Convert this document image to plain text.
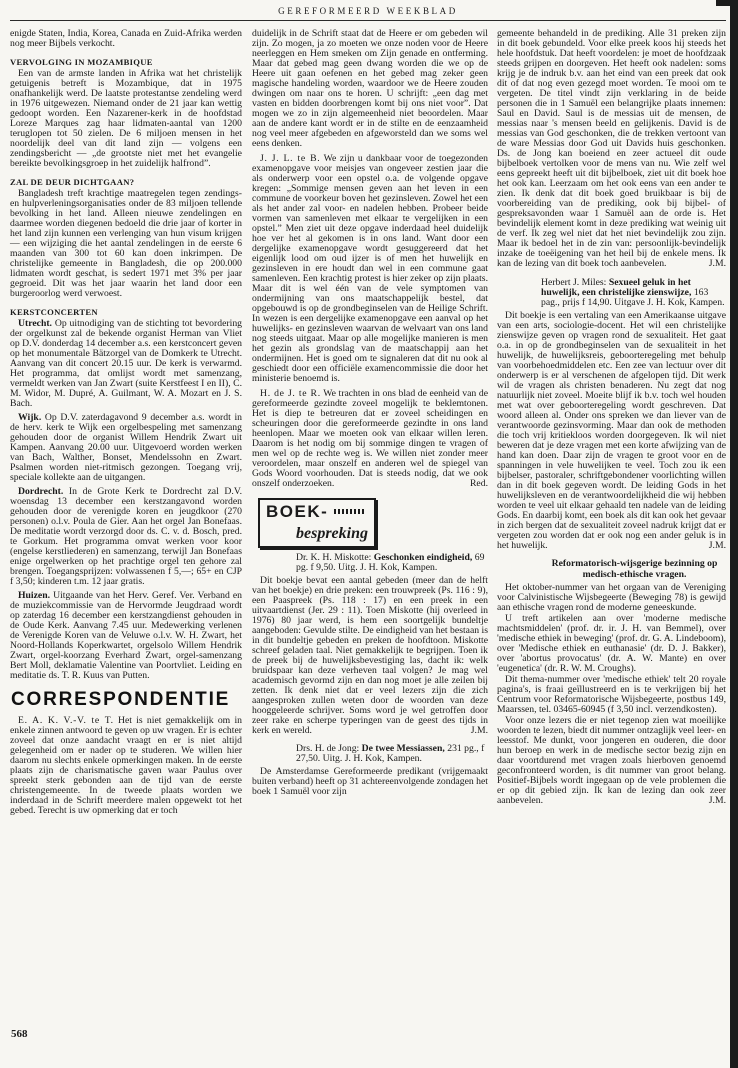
GEREFORMEERD WEEKBLAD

enigde Staten, India, Korea, Canada en Zuid-Afrika werden nog meer Bijbels verkocht.

VERVOLGING IN MOZAMBIQUE

Een van de armste landen in Afrika wat het christelijk getuigenis betreft is Mozambique, dat in 1975 onafhankelijk werd. De laatste protestantse zendeling werd in 1976 uitgewezen. Niemand onder de 21 jaar kan wettig gedoopt worden. Een Nazarener-kerk in de hoofdstad Loreze Marques zag haar lidmaten-aantal van 1200 teruglopen tot 50 zielen. De 6 miljoen mensen in het noordelijk deel van dit land zijn — volgens een zendingsbericht — „de grootste niet met het evangelie bereikte bevolkingsgroep in het zuidelijk halfrond”.

ZAL DE DEUR DICHTGAAN?

Bangladesh treft krachtige maatregelen tegen zendings- en hulpverleningsorganisaties onder de 83 miljoen tellende bevolking in het land. Alleen nieuwe zendelingen en daarmee worden diegenen bedoeld die drie jaar of korter in het land zijn kunnen een verlenging van hun visum krijgen — een wijziging die het aantal zendelingen in de eerste 6 maanden van 300 tot 60 kan doen inkrimpen. De christelijke gemeente in Bangladesh, die op 200.000 lidmaten wordt geschat, is sedert 1971 met 3% per jaar gegroeid. Dit was het jaar waarin het land door een burgeroorlog werd verwoest.

KERSTCONCERTEN

Utrecht. Op uitnodiging van de stichting tot bevordering der orgelkunst zal de bekende organist Herman van Vliet op D.V. donderdag 14 december a.s. een kerstconcert geven op het monumentale Bätzorgel van de Domkerk te Utrecht. Aanvang van dit concert 20.15 uur. De kerk is verwarmd. Het programma, dat omlijst wordt met samenzang, vermeldt werken van Jan Zwart (suite Kerstfeest I en II), C. M. Widor, M. Dupré, A. Guilmant, W. A. Mozart en J. S. Bach.

Wijk. Op D.V. zaterdagavond 9 december a.s. wordt in de herv. kerk te Wijk een orgelbespeling met samenzang gehouden door de organist Willem Hendrik Zwart uit Kampen. Aanvang 20.00 uur. Uitgevoerd worden werken van Bach, Walther, Bonset, Mendelssohn en Zwart. Psalmen worden niet-ritmisch gezongen. Toegang vrij, speciale kollekte aan de uitgangen.

Dordrecht. In de Grote Kerk te Dordrecht zal D.V. woensdag 13 december een kerstzangavond worden gehouden door de verenigde koren en jeugdkoor (270 personen) o.l.v. Poula de Gier. Aan het orgel Jan Bonefaas. De meditatie wordt verzorgd door ds. C. v. d. Bosch, pred. te Gorkum. Het programma omvat werken voor koor (engelse kerstliederen) en samenzang, terwijl Jan Bonefaas enige orgelwerken op het prachtige orgel ten gehore zal brengen. Toegangsprijzen: volwassenen f 5,—; 65+ en CJP f 3,50; kinderen t.m. 12 jaar gratis.

Huizen. Uitgaande van het Herv. Geref. Ver. Verband en de muziekcommissie van de Hervormde Jeugdraad wordt op zaterdag 16 december een kerstzangdienst gehouden in de Oude Kerk. Aanvang 7.45 uur. Medewerking verlenen de Verenigde Koren van de Veluwe o.l.v. W. H. Zwart, het Noord-Hollands Koperkwartet, orgelsolo Willem Hendrik Zwart, orgel-koorzang Everhard Zwart, orgel-samenzang Bert Moll, deklamatie Valentine van Poortvliet. Leiding en meditatie ds. T. R. Kuus van Putten.

CORRESPONDENTIE

E. A. K. V.-V. te T. Het is niet gemakkelijk om in enkele zinnen antwoord te geven op uw vragen. Er is echter zoveel dat onze aandacht vraagt en er is niet altijd gelegenheid om er nader op te studeren. We willen hier daarom nu slechts enkele opmerkingen maken. In de eerste plaats zijn de charismatische gaven waar Paulus over spreekt sterk gebonden aan de tijd van de eerste christengemeente. In de tweede plaats worden we inderdaad in de Schrift meerdere malen opgewekt tot het gebed. Terecht is uw opmerking dat er toch

duidelijk in de Schrift staat dat de Heere er om gebeden wil zijn. Zo mogen, ja zo moeten we onze noden voor de Heere neerleggen en Hem smeken om Zijn genade en ontferming. Maar dat gebed mag geen dwang worden die we op de Heere uit gaan oefenen en het gebed mag zeker geen magische handeling worden, waardoor we de Heere zouden dwingen om naar ons te horen. U schrijft: „een dag met vasten en bidden doorbrengen komt bij ons niet voor”. Dat mogen we zo in zijn algemeenheid niet beoordelen. Maar aan de andere kant wordt er in de stilte en de eenzaamheid nog veel meer afgebeden en afgeworsteld dan we soms wel eens denken.

J. J. L. te B. We zijn u dankbaar voor de toegezonden examenopgave voor meisjes van ongeveer zestien jaar die als onderwerp voor een opstel o.a. de volgende opgave kregen: „Sommige mensen geven aan het leven in een commune de voorkeur boven het gezinsleven. Zowel het een als het ander zal voor- en nadelen hebben. Probeer beide vormen van samenleven met elkaar te vergelijken in een opstel.” Men ziet uit deze opgave inderdaad heel duidelijk hoe ver het al gekomen is in ons land. Want door een dergelijke examenopgave wordt gesuggereerd dat het eigenlijk lood om oud ijzer is of men het huwelijk en gezinsleven in ere houdt dan wel in een commune gaat samenleven. Een krachtig protest is hier zeker op zijn plaats. Maar dit is wel één van de vele symptomen van ondermijning van ons maatschappelijk bestel, dat opgebouwd is op de grondbeginselen van de Heilige Schrift. In wezen is een dergelijke examenopgave een aanval op het huwelijks- en gezinsleven waarvan de welvaart van ons land nog steeds uitgaat. Maar op alle mogelijke manieren is men het gezin als grondslag van de maatschappij aan het ondermijnen. Het is goed om te signaleren dat dit nu ook al geschiedt door een officiële examencommissie die door het ministerie benoemd is.

H. de J. te R. We trachten in ons blad de eenheid van de gereformeerde gezindte zoveel mogelijk te beklemtonen. Het is diep te betreuren dat er zoveel scheidingen en scheuringen door die gereformeerde gezindte in ons land heenlopen. Maar we moeten ook van elkaar willen leren. Daarom is het nodig om bij sommige dingen te vragen of men wel op de rechte weg is. We willen niet zonder meer veroordelen, maar onszelf en anderen wel de spiegel van Gods Woord voorhouden. Dat is steeds nodig, dat we ook onszelf onderzoeken.	Red.

BOEK-
bespreking

Dr. K. H. Miskotte: Geschonken eindigheid, 69 pg. f 9,50. Uitg. J. H. Kok, Kampen.

Dit boekje bevat een aantal gebeden (meer dan de helft van het boekje) en drie preken: een trouwpreek (Ps. 116 : 9), een Paaspreek (Ps. 118 : 17) en een preek in een uitvaartdienst (Jer. 29 : 11). Toen Miskotte (hij overleed in 1976) 80 jaar werd, is hem een soortgelijk bundeltje aangeboden: Gevulde stilte. De eindigheid van het bestaan is in dit bundeltje gebeden en preken de hoofdtoon. Miskotte schreef geladen taal. Niet gemakkelijk te begrijpen. Toen ik de preek bij de huwelijksbevestiging las, dacht ik: welk bruidspaar kan deze verheven taal volgen? Je mag wel academisch gevormd zijn en dan nog moet je alle zeilen bij zetten. Ik denk niet dat er veel lezers zijn die zich aangesproken zullen weten door de woorden van deze hooggeleerde schrijver. Soms word je wel getroffen door zeer rake en scherpe typeringen van de geest des tijds in kerk en wereld.	J.M.

Drs. H. de Jong: De twee Messiassen, 231 pg., f 27,50. Uitg. J. H. Kok, Kampen.

De Amsterdamse Gereformeerde predikant (vrijgemaakt buiten verband) heeft op 31 achtereenvolgende zondagen het boek 1 Samuël voor zijn

gemeente behandeld in de prediking. Alle 31 preken zijn in dit boek gebundeld. Voor elke preek koos hij steeds het hele hoofdstuk. Dat heeft voordelen: je moet de hoofdzaak steeds grijpen en doorgeven. Het heeft ook nadelen: soms krijg je de indruk b.v. aan het eind van een preek dat ook dit of dat nog even gezegd moet worden. Te mooi om te vergeten. De titel vindt zijn verklaring in de beide personen die in 1 Samuël een belangrijke plaats innemen: Saul en David. Saul is de messias uit de mensen, de messias naar 's mensen beeld en gelijkenis. David is de messias van God geschonken, die de trekken vertoont van de ware Messias door God uit Davids huis geschonken. Ds. de Jong kan boeiend en zeer actueel dit oude bijbelboek vertolken voor de mens van nu. Wie zelf wel eens gepreekt heeft uit dit bijbelboek, ziet uit dit boek hoe het ook kan. Leerzaam om het ook eens van een ander te zien. Ik denk dat dit boek goed bruikbaar is bij de voorbereiding van de prediking, ook bij bijbel- of gespreksavonden waar 1 Samuël aan de orde is. Het bevindelijk element komt in deze prediking wat weinig uit de verf. Ik zeg wel niet dat het niet bevindelijk zou zijn. Maar ik bedoel het in de zin van: persoonlijk-bevindelijk inzake de toeëigening van het heil bij de enkele mens. Ik kan de lezing van dit boek toch aanbevelen.	J.M.

Herbert J. Miles: Sexueel geluk in het huwelijk, een christelijke zienswijze, 163 pag., prijs f 14,90. Uitgave J. H. Kok, Kampen.

Dit boekje is een vertaling van een Amerikaanse uitgave van een arts, sociologie-docent. Het wil een christelijke zienswijze geven op vragen rond de sexualiteit. Het gaat o.a. in op de grondbeginselen van de sexualiteit in het huwelijk, de huwelijksreis, geboorteregeling met behulp van voorbehoedmiddelen etc. Een zee van lectuur over dit onderwerp is er al verschenen de afgelopen tijd. Dit werk wil de vragen als christen benaderen. Nu zegt dat nog natuurlijk niet zoveel. Moeite blijf ik b.v. toch wel houden met wat over geboorteregeling wordt geschreven. Dat woord alleen al. Onder ons spreken we dan liever van de verantwoorde gezinsvorming. Maar dan ook de methoden die toch vrij kritiekloos worden doorgegeven. Ik wil niet beweren dat je deze vragen met een korte afwijzing van de hand kan doen. Daar zijn de vragen te groot voor en de spanningen in vele huwelijken te veel. Toch zou ik een bijbelser, pastoraler, schriftgebondener voorlichting willen dan in dit boek gegeven wordt. De leiding Gods in het huwelijksleven en de verantwoordelijkheid die wij hebben worden te veel uit elkaar gehaald ten nadele van de leiding Gods. En daarbij komt, een boek als dit kan ook het gevaar in zich bergen dat de sexualiteit zoveel nadruk krijgt dat er vergeten zou worden dat er ook nog een ander geluk is in het huwelijk.	J.M.

Reformatorisch-wijsgerige bezinning op medisch-ethische vragen.

Het oktober-nummer van het orgaan van de Vereniging voor Calvinistische Wijsbegeerte (Beweging 78) is gewijd aan ethische vragen rond de moderne geneeskunde.

U treft artikelen aan over 'moderne medische machtsmiddelen' (prof. dr. ir. J. H. van Bemmel), over 'medische ethiek in beweging' (prof. dr. G. A. Lindeboom), over 'Medische ethiek en euthanasie' (dr. D. J. Bakker), over 'abortus provocatus' (dr. A. W. Mante) en over 'eugenetica' (dr. R. W. M. Croughs).

Dit thema-nummer over 'medische ethiek' telt 20 royale pagina's, is fraai geïllustreerd en is te verkrijgen bij het Centrum voor Reformatorische Wijsbegeerte, postbus 149, Maarssen, tel. 03465-60945 (f 3,50 incl. verzendkosten).

Voor onze lezers die er niet tegenop zien wat moeilijke woorden te lezen, biedt dit nummer ontzaglijk veel leer- en leesstof. Me dunkt, voor jongeren en ouderen, die door hun beroep en werk in de medische sector bezig zijn en daar voortdurend met vragen zoals hierboven genoemd geconfronteerd worden, is dit nummer van groot belang. Positief-Bijbels wordt ingegaan op de vele problemen die er op dit gebied zijn. Ik kan de lezing dan ook zeer aanbevelen.	J.M.

568
